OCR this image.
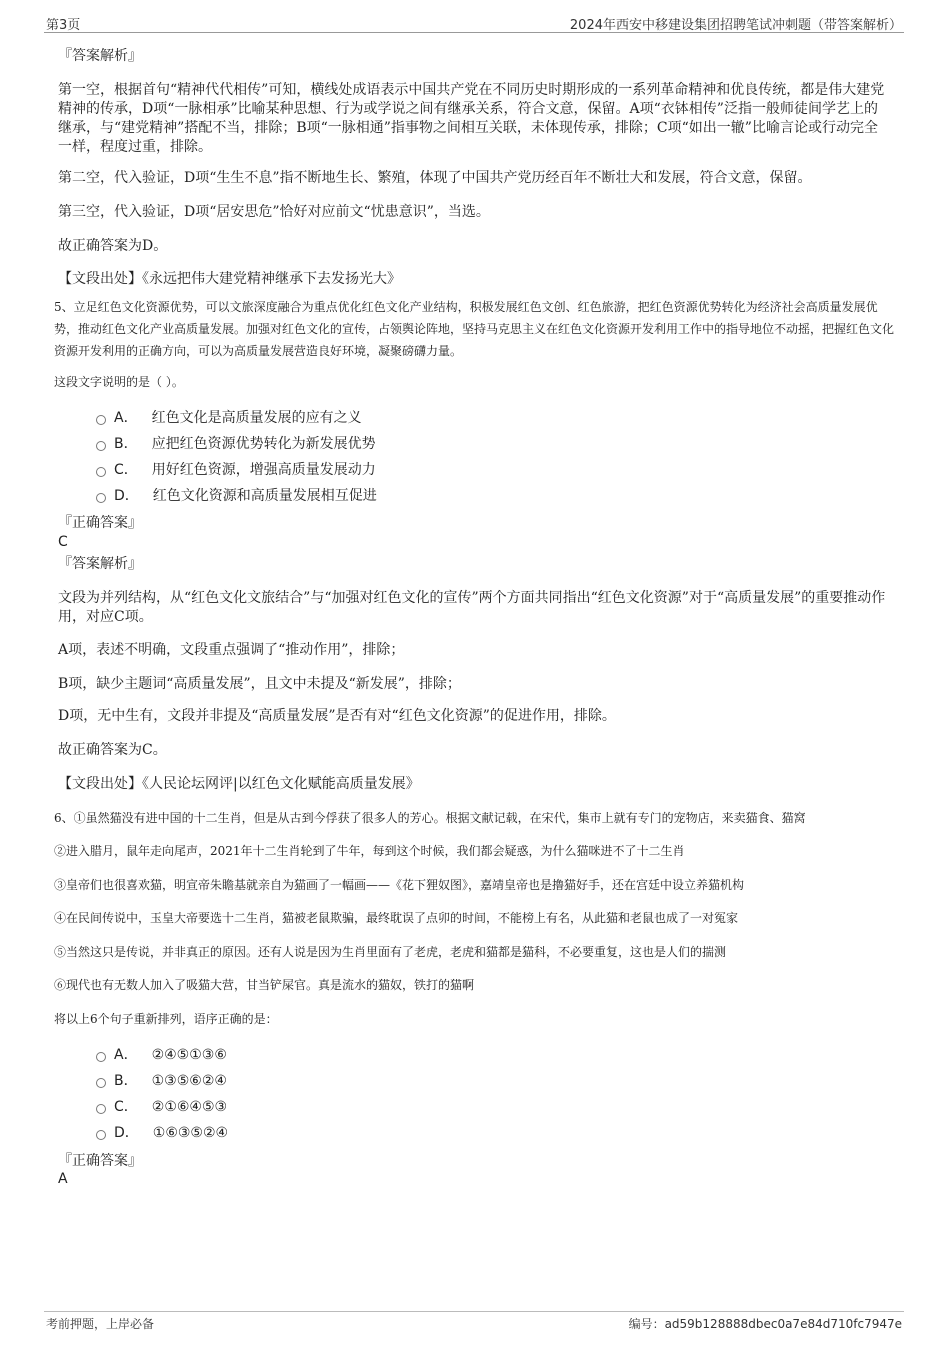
第3页	2024年西安中移建设集团招聘笔试冲刺题（带答案解析）
『答案解析』
第一空，根据首句“精神代代相传”可知，横线处成语表示中国共产党在不同历史时期形成的一系列革命精神和优良传统，都是伟大建党精神的传承，D项“一脉相承”比喻某种思想、行为或学说之间有继承关系，符合文意，保留。A项“衣钵相传”泛指一般师徒间学艺上的继承，与“建党精神”搭配不当，排除；B项“一脉相通”指事物之间相互关联，未体现传承，排除；C项“如出一辙”比喻言论或行动完全一样，程度过重，排除。
第二空，代入验证，D项“生生不息”指不断地生长、繁殖，体现了中国共产党历经百年不断壮大和发展，符合文意，保留。
第三空，代入验证，D项“居安思危”恰好对应前文“忧患意识”，当选。
故正确答案为D。
【文段出处】《永远把伟大建党精神继承下去发扬光大》
5、立足红色文化资源优势，可以文旅深度融合为重点优化红色文化产业结构，积极发展红色文创、红色旅游，把红色资源优势转化为经济社会高质量发展优势，推动红色文化产业高质量发展。加强对红色文化的宣传，占领舆论阵地，坚持马克思主义在红色文化资源开发利用工作中的指导地位不动摇，把握红色文化资源开发利用的正确方向，可以为高质量发展营造良好环境，凝聚磅礴力量。
这段文字说明的是（ ）。
A． 红色文化是高质量发展的应有之义
B． 应把红色资源优势转化为新发展优势
C． 用好红色资源，增强高质量发展动力
D． 红色文化资源和高质量发展相互促进
『正确答案』
C
『答案解析』
文段为并列结构，从“红色文化文旅结合”与“加强对红色文化的宣传”两个方面共同指出“红色文化资源”对于“高质量发展”的重要推动作用，对应C项。
A项，表述不明确，文段重点强调了“推动作用”，排除；
B项，缺少主题词“高质量发展”，且文中未提及“新发展”，排除；
D项，无中生有，文段并非提及“高质量发展”是否有对“红色文化资源”的促进作用，排除。
故正确答案为C。
【文段出处】《人民论坛网评|以红色文化赋能高质量发展》
6、①虽然猫没有进中国的十二生肖，但是从古到今俘获了很多人的芳心。根据文献记载，在宋代，集市上就有专门的宠物店，来卖猫食、猫窝
②进入腊月，鼠年走向尾声，2021年十二生肖轮到了牛年，每到这个时候，我们都会疑惑，为什么猫咪进不了十二生肖
③皇帝们也很喜欢猫，明宣帝朱瞻基就亲自为猫画了一幅画——《花下狸奴图》，嘉靖皇帝也是撸猫好手，还在宫廷中设立养猫机构
④在民间传说中，玉皇大帝要选十二生肖，猫被老鼠欺骗，最终耽误了点卯的时间，不能榜上有名，从此猫和老鼠也成了一对冤家
⑤当然这只是传说，并非真正的原因。还有人说是因为生肖里面有了老虎，老虎和猫都是猫科，不必要重复，这也是人们的揣测
⑥现代也有无数人加入了吸猫大营，甘当铲屎官。真是流水的猫奴，铁打的猫啊
将以上6个句子重新排列，语序正确的是：
A． ②④⑤①③⑥
B． ①③⑤⑥②④
C． ②①⑥④⑤③
D． ①⑥③⑤②④
『正确答案』
A
考前押题，上岸必备	编号：ad59b128888dbec0a7e84d710fc7947e
